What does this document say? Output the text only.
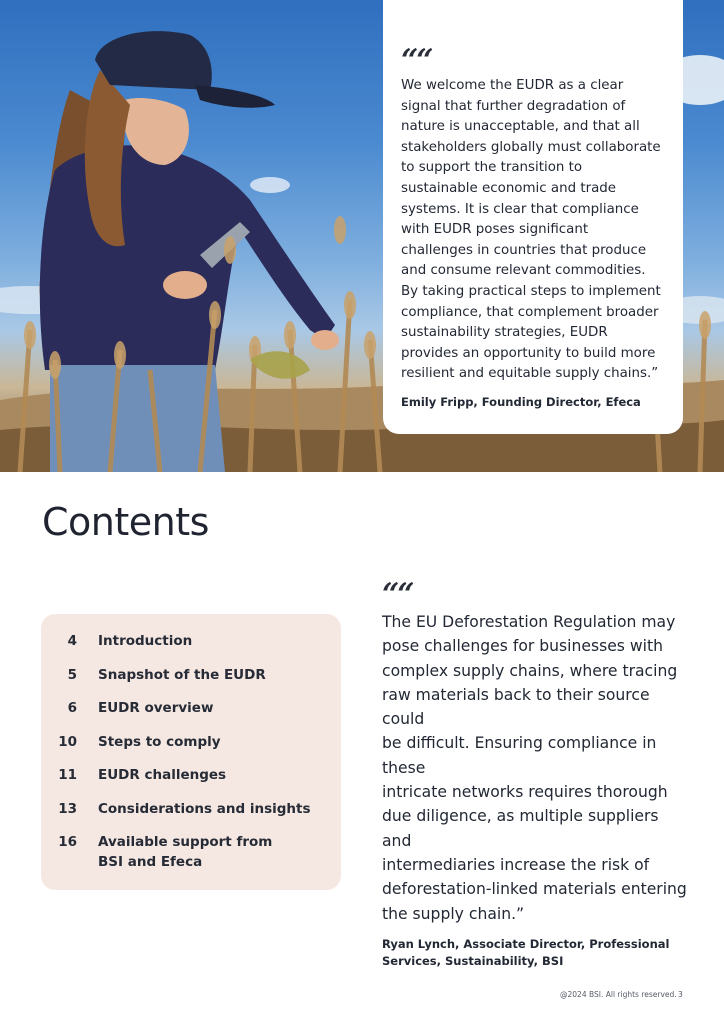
““
We welcome the EUDR as a clear
signal that further degradation of
nature is unacceptable, and that all
stakeholders globally must collaborate
to support the transition to
sustainable economic and trade
systems. It is clear that compliance
with EUDR poses significant
challenges in countries that produce
and consume relevant commodities.
By taking practical steps to implement
compliance, that complement broader
sustainability strategies, EUDR
provides an opportunity to build more
resilient and equitable supply chains.”
Emily Fripp, Founding Director, Efeca
Contents
4 Introduction
5 Snapshot of the EUDR
6 EUDR overview
10 Steps to comply
11 EUDR challenges
13 Considerations and insights
16 Available support from
BSI and Efeca
““
The EU Deforestation Regulation may
pose challenges for businesses with
complex supply chains, where tracing
raw materials back to their source could
be difficult. Ensuring compliance in these
intricate networks requires thorough
due diligence, as multiple suppliers and
intermediaries increase the risk of
deforestation-linked materials entering
the supply chain.”
Ryan Lynch, Associate Director, Professional
Services, Sustainability, BSI
@2024 BSI. All rights reserved. 3
